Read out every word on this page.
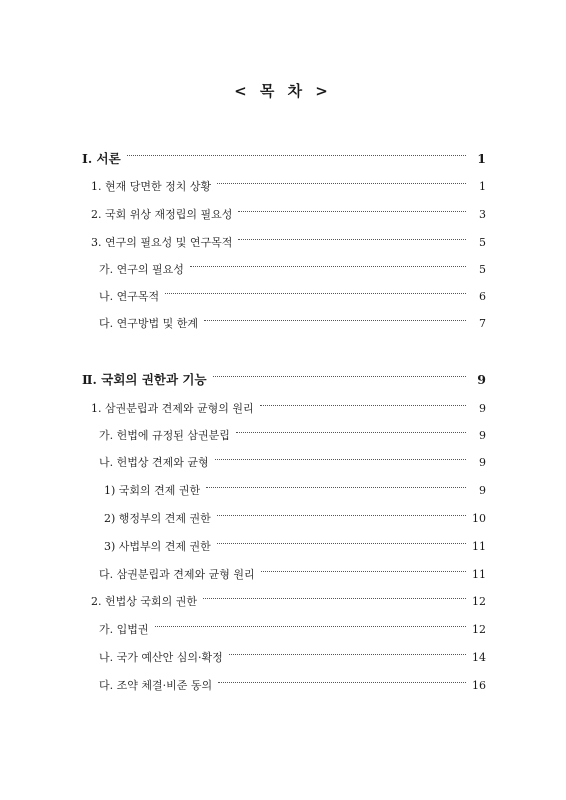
< 목 차 >
Ⅰ. 서론	1
1. 현재 당면한 정치 상황	1
2. 국회 위상 재정립의 필요성	3
3. 연구의 필요성 및 연구목적	5
가. 연구의 필요성	5
나. 연구목적	6
다. 연구방법 및 한계	7
Ⅱ. 국회의 권한과 기능	9
1. 삼권분립과 견제와 균형의 원리	9
가. 헌법에 규정된 삼권분립	9
나. 헌법상 견제와 균형	9
1) 국회의 견제 권한	9
2) 행정부의 견제 권한	10
3) 사법부의 견제 권한	11
다. 삼권분립과 견제와 균형 원리	11
2. 헌법상 국회의 권한	12
가. 입법권	12
나. 국가 예산안 심의·확정	14
다. 조약 체결·비준 동의	16
